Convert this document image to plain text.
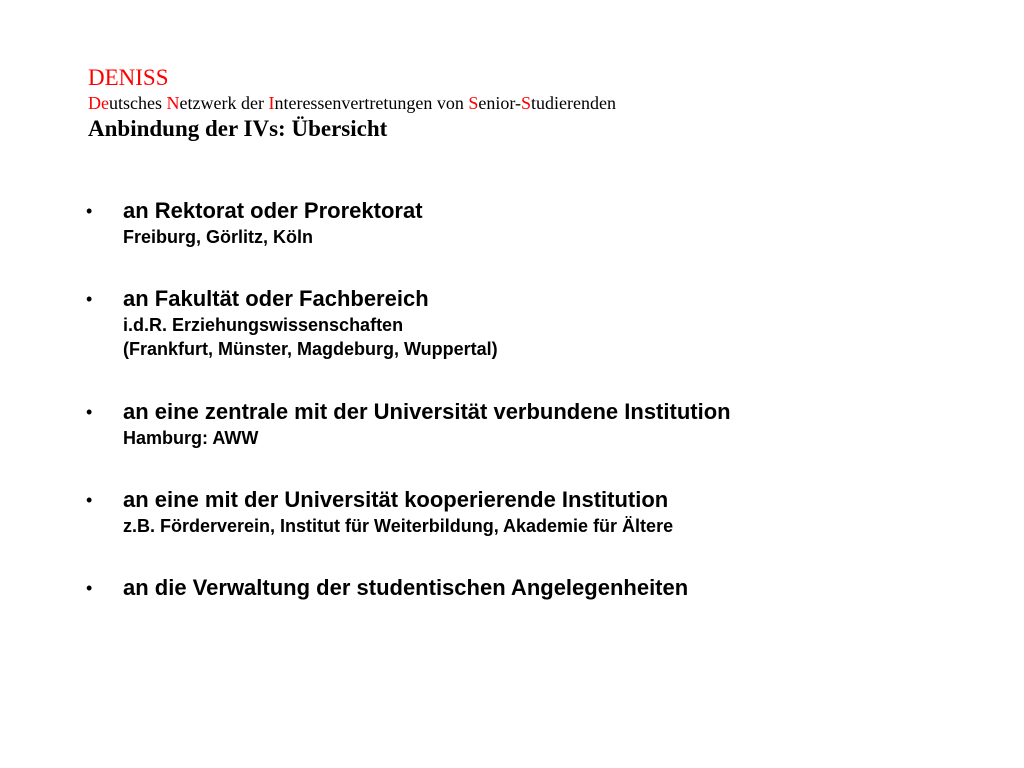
DENISS
Deutsches Netzwerk der Interessenvertretungen von Senior-Studierenden
Anbindung der IVs: Übersicht
• an Rektorat oder Prorektorat
Freiburg, Görlitz, Köln
• an Fakultät oder Fachbereich
i.d.R. Erziehungswissenschaften
(Frankfurt, Münster, Magdeburg, Wuppertal)
• an eine zentrale mit der Universität verbundene Institution
Hamburg: AWW
• an eine mit der Universität kooperierende Institution
z.B. Förderverein, Institut für Weiterbildung, Akademie für Ältere
• an die Verwaltung der studentischen Angelegenheiten
